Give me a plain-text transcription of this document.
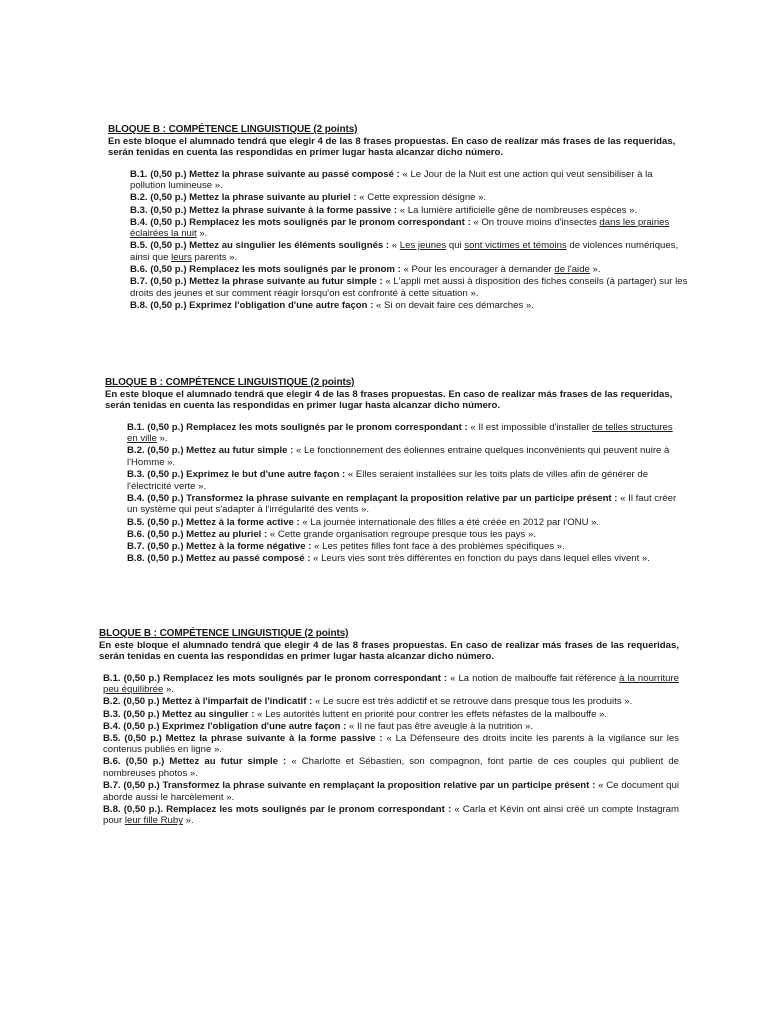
BLOQUE B : COMPÉTENCE LINGUISTIQUE (2 points)

En este bloque el alumnado tendrá que elegir 4 de las 8 frases propuestas. En caso de realizar más frases de las requeridas, serán tenidas en cuenta las respondidas en primer lugar hasta alcanzar dicho número.

B.1. (0,50 p.) Mettez la phrase suivante au passé composé : « Le Jour de la Nuit est une action qui veut sensibiliser à la pollution lumineuse ».
B.2. (0,50 p.) Mettez la phrase suivante au pluriel : « Cette expression désigne ».
B.3. (0,50 p.) Mettez la phrase suivante à la forme passive : « La lumière artificielle gêne de nombreuses espèces ».
B.4. (0,50 p.) Remplacez les mots soulignés par le pronom correspondant : « On trouve moins d'insectes dans les prairies éclairées la nuit ».
B.5. (0,50 p.) Mettez au singulier les éléments soulignés : « Les jeunes qui sont victimes et témoins de violences numériques, ainsi que leurs parents ».
B.6. (0,50 p.) Remplacez les mots soulignés par le pronom : « Pour les encourager à demander de l'aide ».
B.7. (0,50 p.) Mettez la phrase suivante au futur simple : « L'appli met aussi à disposition des fiches conseils (à partager) sur les droits des jeunes et sur comment réagir lorsqu'on est confronté à cette situation ».
B.8. (0,50 p.) Exprimez l'obligation d'une autre façon : « Si on devait faire ces démarches ».
BLOQUE B : COMPÉTENCE LINGUISTIQUE (2 points)

En este bloque el alumnado tendrá que elegir 4 de las 8 frases propuestas. En caso de realizar más frases de las requeridas, serán tenidas en cuenta las respondidas en primer lugar hasta alcanzar dicho número.

B.1. (0,50 p.) Remplacez les mots soulignés par le pronom correspondant : « Il est impossible d'installer de telles structures en ville ».
B.2. (0,50 p.) Mettez au futur simple : « Le fonctionnement des éoliennes entraine quelques inconvénients qui peuvent nuire à l'Homme ».
B.3. (0,50 p.) Exprimez le but d'une autre façon : « Elles seraient installées sur les toits plats de villes afin de générer de l'électricité verte ».
B.4. (0,50 p.) Transformez la phrase suivante en remplaçant la proposition relative par un participe présent : « Il faut créer un système qui peut s'adapter à l'irrégularité des vents ».
B.5. (0,50 p.) Mettez à la forme active : « La journée internationale des filles a été créée en 2012 par l'ONU ».
B.6. (0,50 p.) Mettez au pluriel : « Cette grande organisation regroupe presque tous les pays ».
B.7. (0,50 p.) Mettez à la forme négative : « Les petites filles font face à des problèmes spécifiques ».
B.8. (0,50 p.) Mettez au passé composé : « Leurs vies sont très différentes en fonction du pays dans lequel elles vivent ».
BLOQUE B : COMPÉTENCE LINGUISTIQUE (2 points)

En este bloque el alumnado tendrá que elegir 4 de las 8 frases propuestas. En caso de realizar más frases de las requeridas, serán tenidas en cuenta las respondidas en primer lugar hasta alcanzar dicho número.

B.1. (0,50 p.) Remplacez les mots soulignés par le pronom correspondant : « La notion de malbouffe fait référence à la nourriture peu équilibrée ».
B.2. (0,50 p.) Mettez à l'imparfait de l'indicatif : « Le sucre est très addictif et se retrouve dans presque tous les produits ».
B.3. (0,50 p.) Mettez au singulier : « Les autorités luttent en priorité pour contrer les effets néfastes de la malbouffe ».
B.4. (0,50 p.) Exprimez l'obligation d'une autre façon : « Il ne faut pas être aveugle à la nutrition ».
B.5. (0,50 p.) Mettez la phrase suivante à la forme passive : « La Défenseure des droits incite les parents à la vigilance sur les contenus publiés en ligne ».
B.6. (0,50 p.) Mettez au futur simple : « Charlotte et Sébastien, son compagnon, font partie de ces couples qui publient de nombreuses photos ».
B.7. (0,50 p.) Transformez la phrase suivante en remplaçant la proposition relative par un participe présent : « Ce document qui aborde aussi le harcèlement ».
B.8. (0,50 p.). Remplacez les mots soulignés par le pronom correspondant : « Carla et Kévin ont ainsi créé un compte Instagram pour leur fille Ruby ».
